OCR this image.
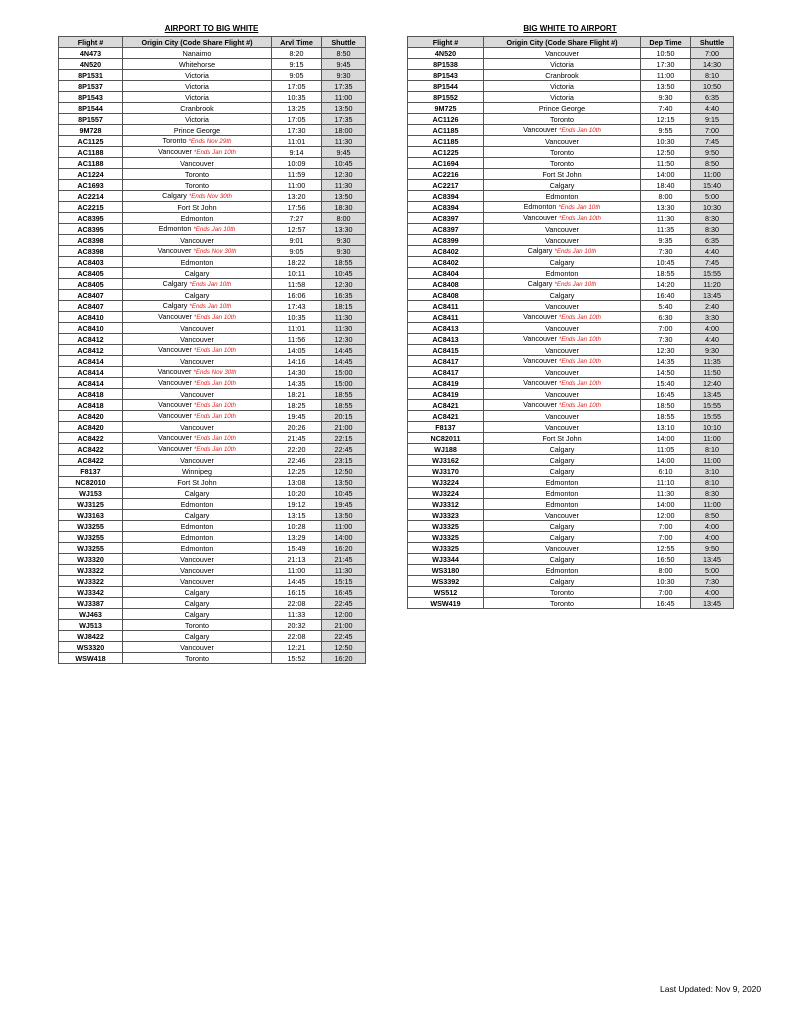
AIRPORT TO BIG WHITE
Flight #	Origin City (Code Share Flight #)	Arvl Time	Shuttle
4N473	Nanaimo	8:20	8:50
4N520	Whitehorse	9:15	9:45
8P1531	Victoria	9:05	9:30
8P1537	Victoria	17:05	17:35
8P1543	Victoria	10:35	11:00
8P1544	Cranbrook	13:25	13:50
8P1557	Victoria	17:05	17:35
9M728	Prince George	17:30	18:00
AC1125	Toronto *Ends Nov 29th	11:01	11:30
AC1188	Vancouver *Ends Jan 10th	9:14	9:45
AC1188	Vancouver	10:09	10:45
AC1224	Toronto	11:59	12:30
AC1693	Toronto	11:00	11:30
AC2214	Calgary *Ends Nov 30th	13:20	13:50
AC2215	Fort St John	17:56	18:30
AC8395	Edmonton	7:27	8:00
AC8395	Edmonton *Ends Jan 10th	12:57	13:30
AC8398	Vancouver	9:01	9:30
AC8398	Vancouver *Ends Nov 30th	9:05	9:30
AC8403	Edmonton	18:22	18:55
AC8405	Calgary	10:11	10:45
AC8405	Calgary *Ends Jan 10th	11:58	12:30
AC8407	Calgary	16:06	16:35
AC8407	Calgary *Ends Jan 10th	17:43	18:15
AC8410	Vancouver *Ends Jan 10th	10:35	11:30
AC8410	Vancouver	11:01	11:30
AC8412	Vancouver	11:56	12:30
AC8412	Vancouver *Ends Jan 10th	14:05	14:45
AC8414	Vancouver	14:16	14:45
AC8414	Vancouver *Ends Nov 30th	14:30	15:00
AC8414	Vancouver *Ends Jan 10th	14:35	15:00
AC8418	Vancouver	18:21	18:55
AC8418	Vancouver *Ends Jan 10th	18:25	18:55
AC8420	Vancouver *Ends Jan 10th	19:45	20:15
AC8420	Vancouver	20:26	21:00
AC8422	Vancouver *Ends Jan 10th	21:45	22:15
AC8422	Vancouver *Ends Jan 10th	22:20	22:45
AC8422	Vancouver	22:46	23:15
F8137	Winnipeg	12:25	12:50
NC82010	Fort St John	13:08	13:50
WJ153	Calgary	10:20	10:45
WJ3125	Edmonton	19:12	19:45
WJ3163	Calgary	13:15	13:50
WJ3255	Edmonton	10:28	11:00
WJ3255	Edmonton	13:29	14:00
WJ3255	Edmonton	15:49	16:20
WJ3320	Vancouver	21:13	21:45
WJ3322	Vancouver	11:00	11:30
WJ3322	Vancouver	14:45	15:15
WJ3342	Calgary	16:15	16:45
WJ3387	Calgary	22:08	22:45
WJ463	Calgary	11:33	12:00
WJ513	Toronto	20:32	21:00
WJ8422	Calgary	22:08	22:45
WS3320	Vancouver	12:21	12:50
WSW418	Toronto	15:52	16:20
BIG WHITE TO AIRPORT
Flight #	Origin City (Code Share Flight #)	Dep Time	Shuttle
4N520	Vancouver	10:50	7:00
8P1538	Victoria	17:30	14:30
8P1543	Cranbrook	11:00	8:10
8P1544	Victoria	13:50	10:50
8P1552	Victoria	9:30	6:35
9M725	Prince George	7:40	4:40
AC1126	Toronto	12:15	9:15
AC1185	Vancouver *Ends Jan 10th	9:55	7:00
AC1185	Vancouver	10:30	7:45
AC1225	Toronto	12:50	9:50
AC1694	Toronto	11:50	8:50
AC2216	Fort St John	14:00	11:00
AC2217	Calgary	18:40	15:40
AC8394	Edmonton	8:00	5:00
AC8394	Edmonton *Ends Jan 10th	13:30	10:30
AC8397	Vancouver *Ends Jan 10th	11:30	8:30
AC8397	Vancouver	11:35	8:30
AC8399	Vancouver	9:35	6:35
AC8402	Calgary *Ends Jan 10th	7:30	4:40
AC8402	Calgary	10:45	7:45
AC8404	Edmonton	18:55	15:55
AC8408	Calgary *Ends Jan 10th	14:20	11:20
AC8408	Calgary	16:40	13:45
AC8411	Vancouver	5:40	2:40
AC8411	Vancouver *Ends Jan 10th	6:30	3:30
AC8413	Vancouver	7:00	4:00
AC8413	Vancouver *Ends Jan 10th	7:30	4:40
AC8415	Vancouver	12:30	9:30
AC8417	Vancouver *Ends Jan 10th	14:35	11:35
AC8417	Vancouver	14:50	11:50
AC8419	Vancouver *Ends Jan 10th	15:40	12:40
AC8419	Vancouver	16:45	13:45
AC8421	Vancouver *Ends Jan 10th	18:50	15:55
AC8421	Vancouver	18:55	15:55
F8137	Vancouver	13:10	10:10
NC82011	Fort St John	14:00	11:00
WJ188	Calgary	11:05	8:10
WJ3162	Calgary	14:00	11:00
WJ3170	Calgary	6:10	3:10
WJ3224	Edmonton	11:10	8:10
WJ3224	Edmonton	11:30	8:30
WJ3312	Edmonton	14:00	11:00
WJ3323	Vancouver	12:00	8:50
WJ3325	Calgary	7:00	4:00
WJ3325	Calgary	7:00	4:00
WJ3325	Vancouver	12:55	9:50
WJ3344	Calgary	16:50	13:45
WS3180	Edmonton	8:00	5:00
WS3392	Calgary	10:30	7:30
WS512	Toronto	7:00	4:00
WSW419	Toronto	16:45	13:45
Last Updated: Nov 9, 2020
